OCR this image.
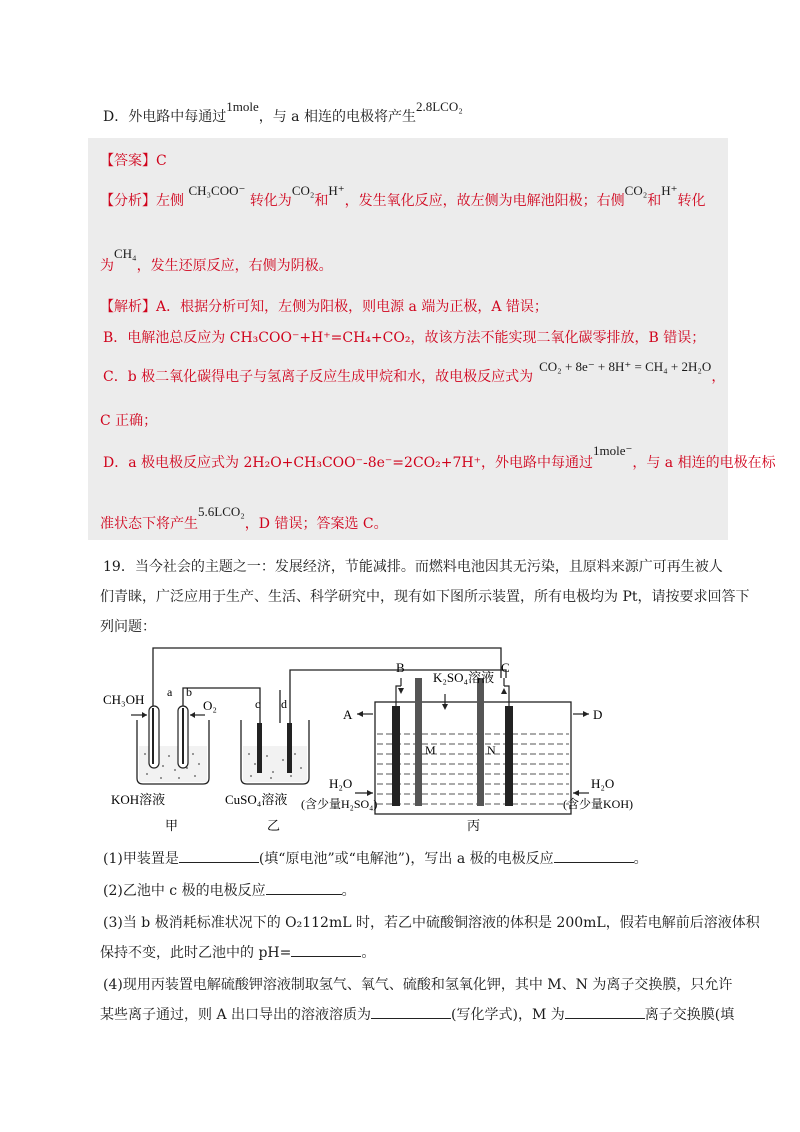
D．外电路中每通过1mole，与 a 相连的电极将产生2.8LCO₂
【答案】C
【分析】左侧 CH₃COO⁻ 转化为CO₂和H⁺，发生氧化反应，故左侧为电解池阳极；右侧CO₂和H⁺转化
为CH₄，发生还原反应，右侧为阴极。
【解析】A．根据分析可知，左侧为阳极，则电源 a 端为正极，A 错误；
B．电解池总反应为 CH₃COO⁻+H⁺=CH₄+CO₂，故该方法不能实现二氧化碳零排放，B 错误；
C．b 极二氧化碳得电子与氢离子反应生成甲烷和水，故电极反应式为CO₂ + 8e⁻ + 8H⁺ = CH₄ + 2H₂O，
C 正确；
D．a 极电极反应式为 2H₂O+CH₃COO⁻-8e⁻=2CO₂+7H⁺，外电路中每通过1mole⁻，与 a 相连的电极在标
准状态下将产生5.6LCO₂，D 错误；答案选 C。
19．当今社会的主题之一：发展经济，节能减排。而燃料电池因其无污染，且原料来源广可再生被人
们青睐，广泛应用于生产、生活、科学研究中，现有如下图所示装置，所有电极均为 Pt，请按要求回答下
列问题：
CH₃OH	O₂
a b
c d
KOH溶液	CuSO₄溶液
K₂SO₄溶液
B	C
A	D
M	N
H₂O
(含少量H₂SO₄)
H₂O
(含少量KOH)
甲	乙	丙
(1)甲装置是	(填“原电池”或“电解池”)，写出 a 极的电极反应	。
(2)乙池中 c 极的电极反应	。
(3)当 b 极消耗标准状况下的 O₂112mL 时，若乙中硫酸铜溶液的体积是 200mL，假若电解前后溶液体积
保持不变，此时乙池中的 pH=	。
(4)现用丙装置电解硫酸钾溶液制取氢气、氧气、硫酸和氢氧化钾，其中 M、N 为离子交换膜，只允许
某些离子通过，则 A 出口导出的溶液溶质为	(写化学式)，M 为	离子交换膜(填
